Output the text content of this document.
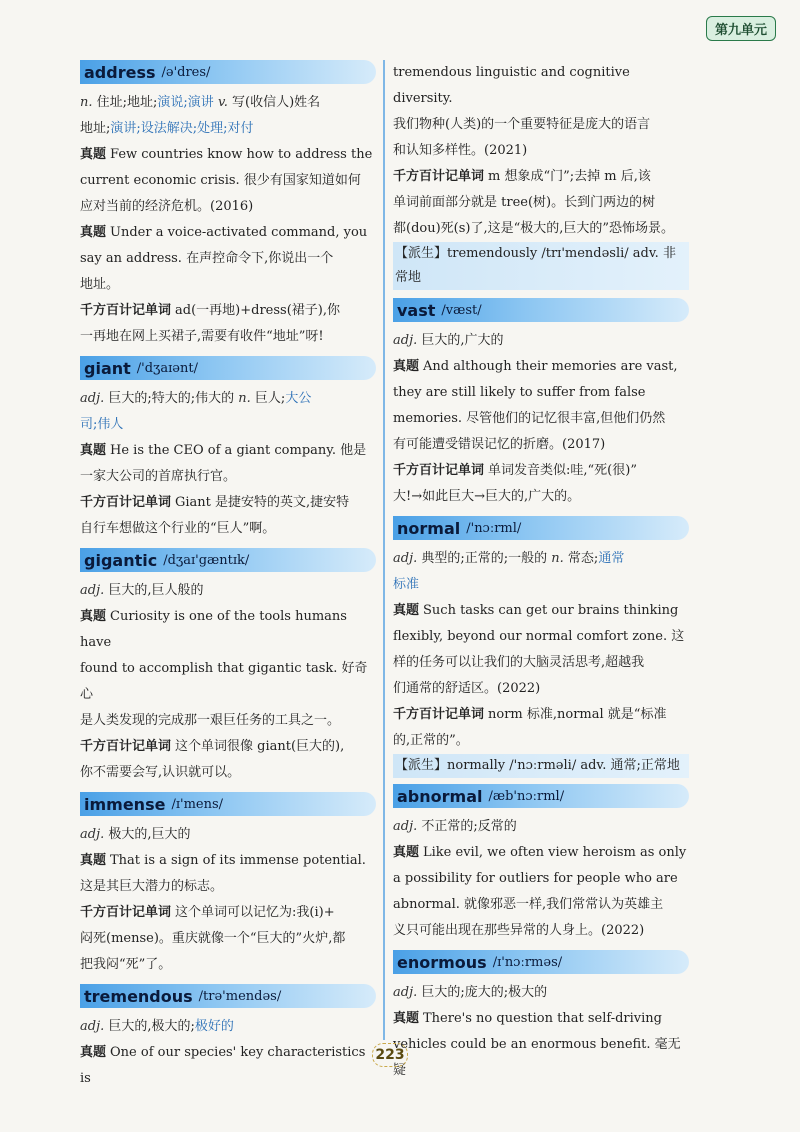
第九单元
address /ə'dres/
n. 住址;地址;演说;演讲 v. 写(收信人)姓名
地址;演讲;设法解决;处理;对付
真题 Few countries know how to address the
current economic crisis. 很少有国家知道如何
应对当前的经济危机。(2016)
真题 Under a voice-activated command, you
say an address. 在声控命令下,你说出一个
地址。
千方百计记单词 ad(一再地)+dress(裙子),你
一再地在网上买裙子,需要有收件“地址”呀!
giant /'dʒaɪənt/
adj. 巨大的;特大的;伟大的 n. 巨人;大公
司;伟人
真题 He is the CEO of a giant company. 他是
一家大公司的首席执行官。
千方百计记单词 Giant 是捷安特的英文,捷安特
自行车想做这个行业的“巨人”啊。
gigantic /dʒaɪ'gæntɪk/
adj. 巨大的,巨人般的
真题 Curiosity is one of the tools humans have
found to accomplish that gigantic task. 好奇心
是人类发现的完成那一艰巨任务的工具之一。
千方百计记单词 这个单词很像 giant(巨大的),
你不需要会写,认识就可以。
immense /ɪ'mens/
adj. 极大的,巨大的
真题 That is a sign of its immense potential.
这是其巨大潜力的标志。
千方百计记单词 这个单词可以记忆为:我(i)+
闷死(mense)。重庆就像一个“巨大的”火炉,都
把我闷“死”了。
tremendous /trə'mendəs/
adj. 巨大的,极大的;极好的
真题 One of our species' key characteristics is
tremendous linguistic and cognitive diversity.
我们物种(人类)的一个重要特征是庞大的语言
和认知多样性。(2021)
千方百计记单词 m 想象成“门”;去掉 m 后,该
单词前面部分就是 tree(树)。长到门两边的树
都(dou)死(s)了,这是“极大的,巨大的”恐怖场景。
【派生】tremendously /trɪ'mendəsli/ adv. 非
常地
vast /væst/
adj. 巨大的,广大的
真题 And although their memories are vast,
they are still likely to suffer from false
memories. 尽管他们的记忆很丰富,但他们仍然
有可能遭受错误记忆的折磨。(2017)
千方百计记单词 单词发音类似:哇,“死(很)”
大!→如此巨大→巨大的,广大的。
normal /'nɔːrml/
adj. 典型的;正常的;一般的 n. 常态;通常
标准
真题 Such tasks can get our brains thinking
flexibly, beyond our normal comfort zone. 这
样的任务可以让我们的大脑灵活思考,超越我
们通常的舒适区。(2022)
千方百计记单词 norm 标准,normal 就是“标准
的,正常的”。
【派生】normally /'nɔːrməli/ adv. 通常;正常地
abnormal /æb'nɔːrml/
adj. 不正常的;反常的
真题 Like evil, we often view heroism as only
a possibility for outliers for people who are
abnormal. 就像邪恶一样,我们常常认为英雄主
义只可能出现在那些异常的人身上。(2022)
enormous /ɪ'nɔːrməs/
adj. 巨大的;庞大的;极大的
真题 There's no question that self-driving
vehicles could be an enormous benefit. 毫无疑
223
